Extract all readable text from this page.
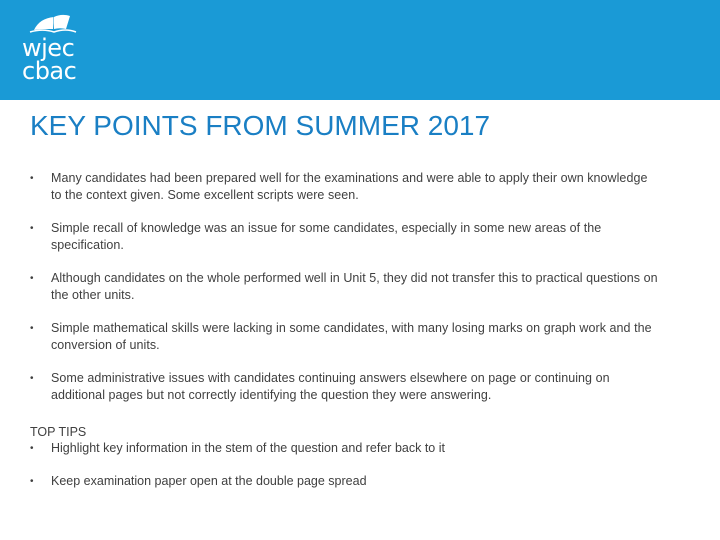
wjec
cbac
KEY POINTS FROM SUMMER 2017
• Many candidates had been prepared well for the examinations and were able to apply their own knowledge to the context given. Some excellent scripts were seen.
• Simple recall of knowledge was an issue for some candidates, especially in some new areas of the specification.
• Although candidates on the whole performed well in Unit 5, they did not transfer this to practical questions on the other units.
• Simple mathematical skills were lacking in some candidates, with many losing marks on graph work and the conversion of units.
• Some administrative issues with candidates continuing answers elsewhere on page or continuing on additional pages but not correctly identifying the question they were answering.
TOP TIPS
• Highlight key information in the stem of the question and refer back to it
• Keep examination paper open at the double page spread
